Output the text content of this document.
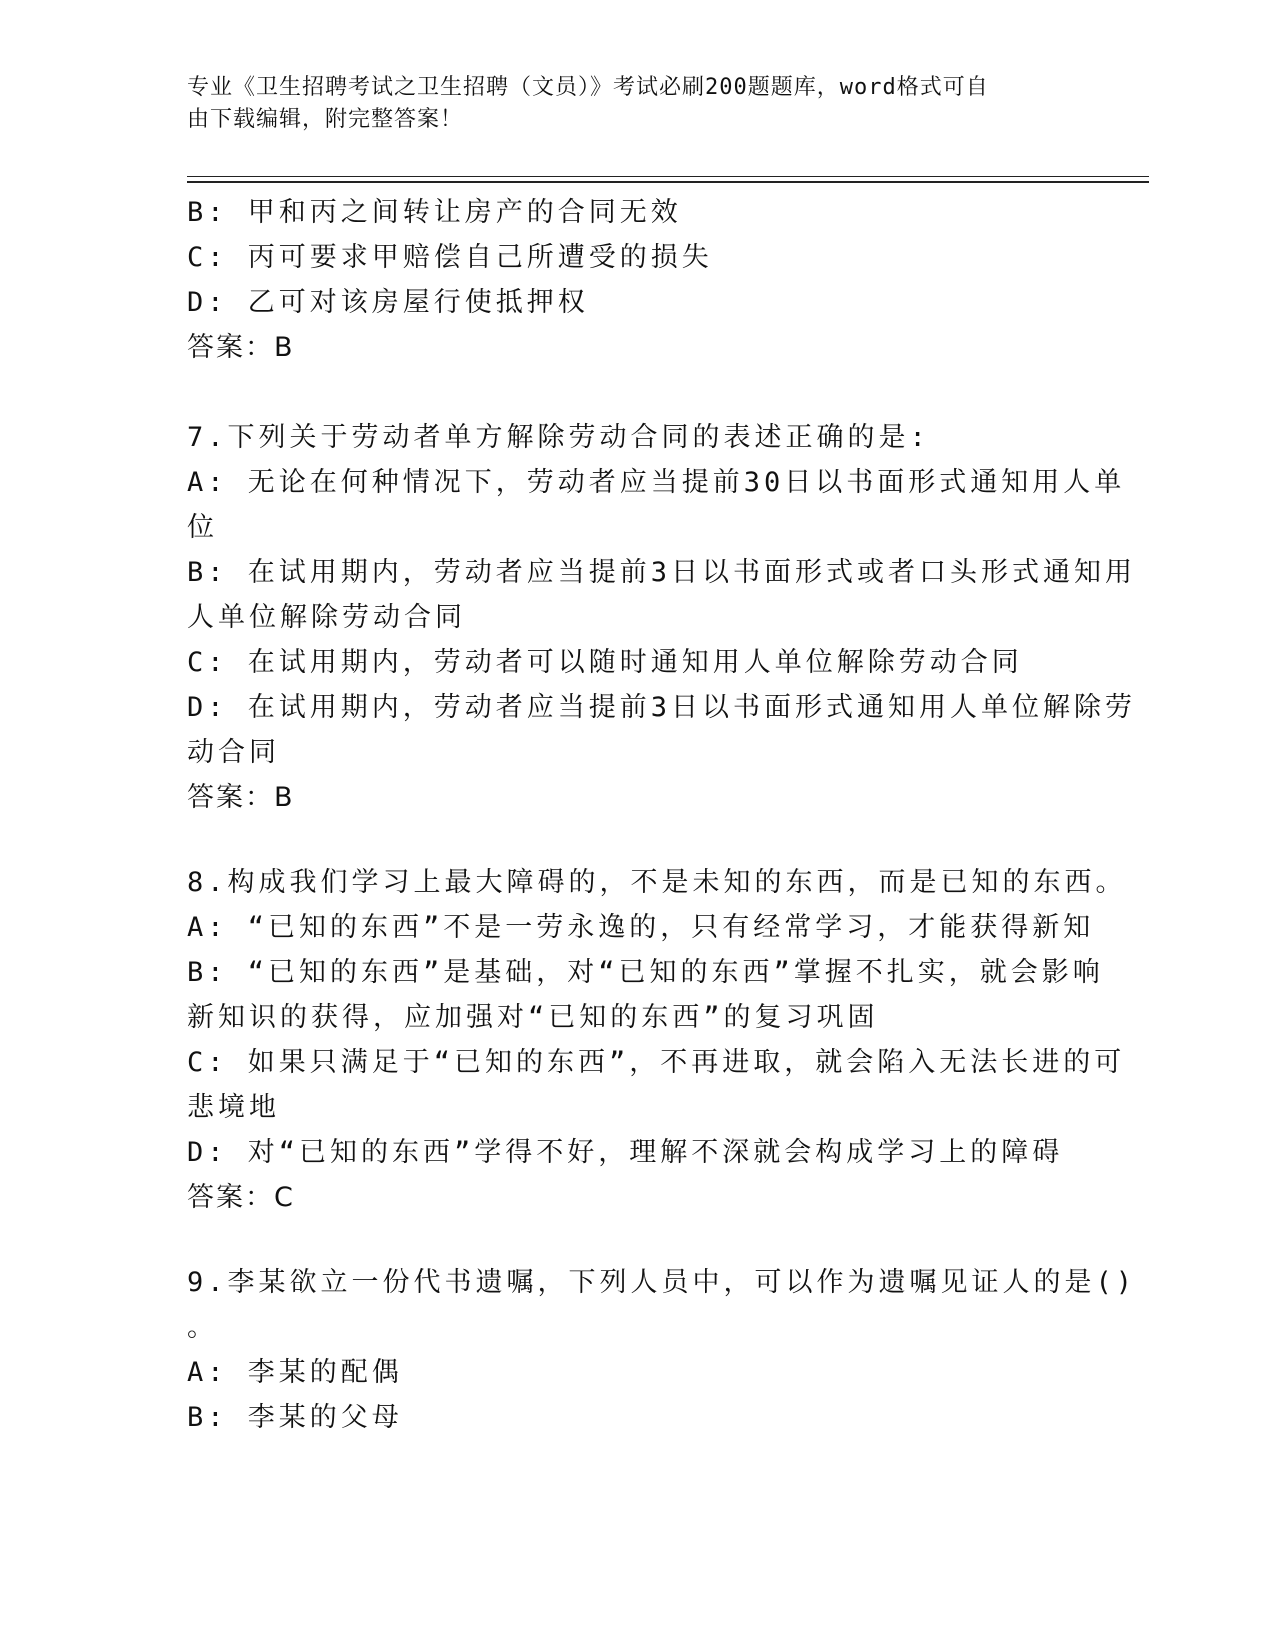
专业《卫生招聘考试之卫生招聘（文员）》考试必刷200题题库，word格式可自
由下载编辑，附完整答案！
B: 甲和丙之间转让房产的合同无效
C: 丙可要求甲赔偿自己所遭受的损失
D: 乙可对该房屋行使抵押权
答案：B
7.下列关于劳动者单方解除劳动合同的表述正确的是:
A: 无论在何种情况下，劳动者应当提前30日以书面形式通知用人单
位
B: 在试用期内，劳动者应当提前3日以书面形式或者口头形式通知用
人单位解除劳动合同
C: 在试用期内，劳动者可以随时通知用人单位解除劳动合同
D: 在试用期内，劳动者应当提前3日以书面形式通知用人单位解除劳
动合同
答案：B
8.构成我们学习上最大障碍的，不是未知的东西，而是已知的东西。
A: “已知的东西”不是一劳永逸的，只有经常学习，才能获得新知
B: “已知的东西”是基础，对“已知的东西”掌握不扎实，就会影响
新知识的获得，应加强对“已知的东西”的复习巩固
C: 如果只满足于“已知的东西”，不再进取，就会陷入无法长进的可
悲境地
D: 对“已知的东西”学得不好，理解不深就会构成学习上的障碍
答案：C
9.李某欲立一份代书遗嘱，下列人员中，可以作为遗嘱见证人的是()
。
A: 李某的配偶
B: 李某的父母
